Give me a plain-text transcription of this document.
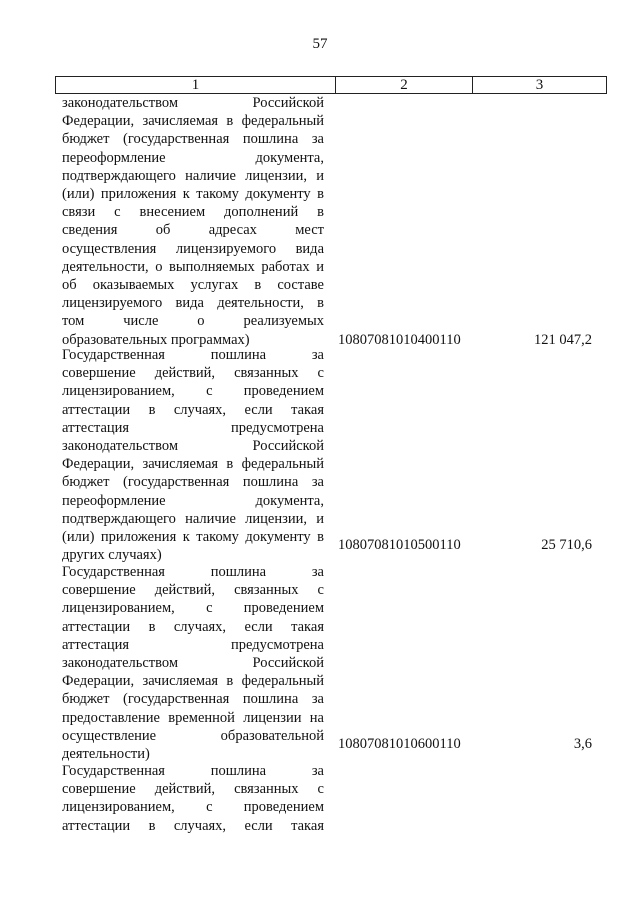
57
1	2	3
законодательством Российской
Федерации, зачисляемая в федеральный
бюджет (государственная пошлина за
переоформление документа,
подтверждающего наличие лицензии, и
(или) приложения к такому документу в
связи с внесением дополнений в
сведения об адресах мест
осуществления лицензируемого вида
деятельности, о выполняемых работах и
об оказываемых услугах в составе
лицензируемого вида деятельности, в
том числе о реализуемых
образовательных программах)	10807081010400110	121 047,2
Государственная пошлина за
совершение действий, связанных с
лицензированием, с проведением
аттестации в случаях, если такая
аттестация предусмотрена
законодательством Российской
Федерации, зачисляемая в федеральный
бюджет (государственная пошлина за
переоформление документа,
подтверждающего наличие лицензии, и
(или) приложения к такому документу в
других случаях)
10807081010500110	25 710,6
Государственная пошлина за
совершение действий, связанных с
лицензированием, с проведением
аттестации в случаях, если такая
аттестация предусмотрена
законодательством Российской
Федерации, зачисляемая в федеральный
бюджет (государственная пошлина за
предоставление временной лицензии на
осуществление образовательной
деятельности)
10807081010600110	3,6
Государственная пошлина за
совершение действий, связанных с
лицензированием, с проведением
аттестации в случаях, если такая
